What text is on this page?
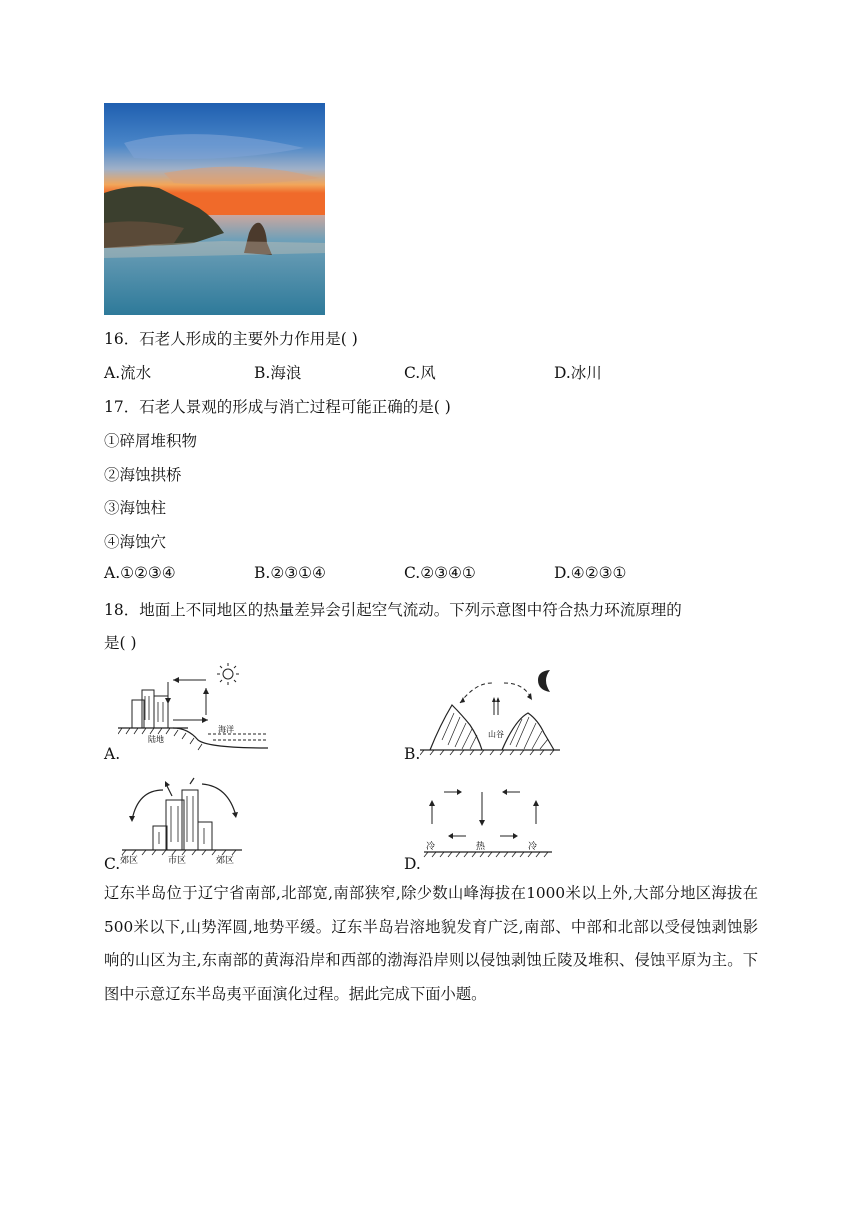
16．石老人形成的主要外力作用是( )
A.流水	B.海浪	C.风	D.冰川
17．石老人景观的形成与消亡过程可能正确的是( )
①碎屑堆积物
②海蚀拱桥
③海蚀柱
④海蚀穴
A.①②③④	B.②③①④	C.②③④①	D.④②③①
18．地面上不同地区的热量差异会引起空气流动。下列示意图中符合热力环流原理的
是( )
A.
海洋
陆地
B.
山谷
C. 郊区	市区	郊区	D.
冷	热	冷
辽东半岛位于辽宁省南部,北部宽,南部狭窄,除少数山峰海拔在1000米以上外,大部分地区海拔在500米以下,山势浑圆,地势平缓。辽东半岛岩溶地貌发育广泛,南部、中部和北部以受侵蚀剥蚀影响的山区为主,东南部的黄海沿岸和西部的渤海沿岸则以侵蚀剥蚀丘陵及堆积、侵蚀平原为主。下图中示意辽东半岛夷平面演化过程。据此完成下面小题。
